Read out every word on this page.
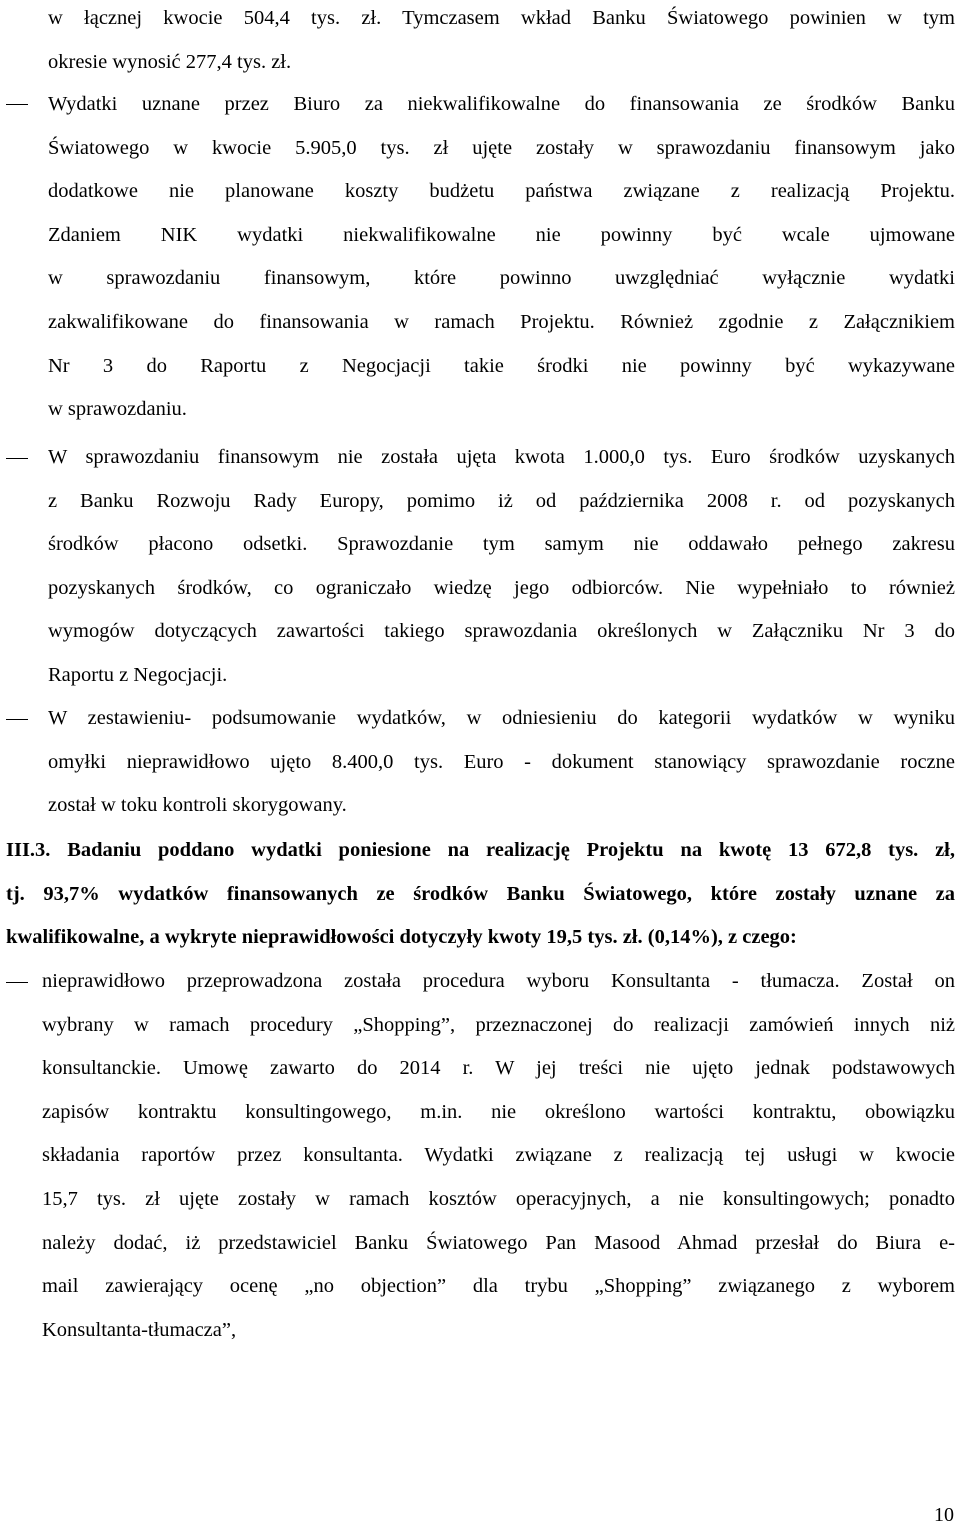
w łącznej kwocie 504,4 tys. zł. Tymczasem wkład Banku Światowego powinien w tym
okresie wynosić 277,4 tys. zł.
Wydatki uznane przez Biuro za niekwalifikowalne do finansowania ze środków Banku
Światowego w kwocie 5.905,0 tys. zł ujęte zostały w sprawozdaniu finansowym jako
dodatkowe nie planowane koszty budżetu państwa związane z realizacją Projektu.
Zdaniem NIK wydatki niekwalifikowalne nie powinny być wcale ujmowane
w sprawozdaniu finansowym, które powinno uwzględniać wyłącznie wydatki
zakwalifikowane do finansowania w ramach Projektu. Również zgodnie z Załącznikiem
Nr 3 do Raportu z Negocjacji takie środki nie powinny być wykazywane
w sprawozdaniu.
W sprawozdaniu finansowym nie została ujęta kwota 1.000,0 tys. Euro środków uzyskanych
z Banku Rozwoju Rady Europy, pomimo iż od października 2008 r. od pozyskanych
środków płacono odsetki. Sprawozdanie tym samym nie oddawało pełnego zakresu
pozyskanych środków, co ograniczało wiedzę jego odbiorców. Nie wypełniało to również
wymogów dotyczących zawartości takiego sprawozdania określonych w Załączniku Nr 3 do
Raportu z Negocjacji.
W zestawieniu- podsumowanie wydatków, w odniesieniu do kategorii wydatków w wyniku
omyłki nieprawidłowo ujęto 8.400,0 tys. Euro - dokument stanowiący sprawozdanie roczne
został w toku kontroli skorygowany.
III.3. Badaniu poddano wydatki poniesione na realizację Projektu na kwotę 13 672,8 tys. zł,
tj. 93,7% wydatków finansowanych ze środków Banku Światowego, które zostały uznane za
kwalifikowalne, a wykryte nieprawidłowości dotyczyły kwoty 19,5 tys. zł. (0,14%), z czego:
nieprawidłowo przeprowadzona została procedura wyboru Konsultanta - tłumacza. Został on
wybrany w ramach procedury „Shopping”, przeznaczonej do realizacji zamówień innych niż
konsultanckie. Umowę zawarto do 2014 r. W jej treści nie ujęto jednak podstawowych
zapisów kontraktu konsultingowego, m.in. nie określono wartości kontraktu, obowiązku
składania raportów przez konsultanta. Wydatki związane z realizacją tej usługi w kwocie
15,7 tys. zł ujęte zostały w ramach kosztów operacyjnych, a nie konsultingowych; ponadto
należy dodać, iż przedstawiciel Banku Światowego Pan Masood Ahmad przesłał do Biura e-
mail zawierający ocenę „no objection” dla trybu „Shopping” związanego z wyborem
Konsultanta-tłumacza”,
10
